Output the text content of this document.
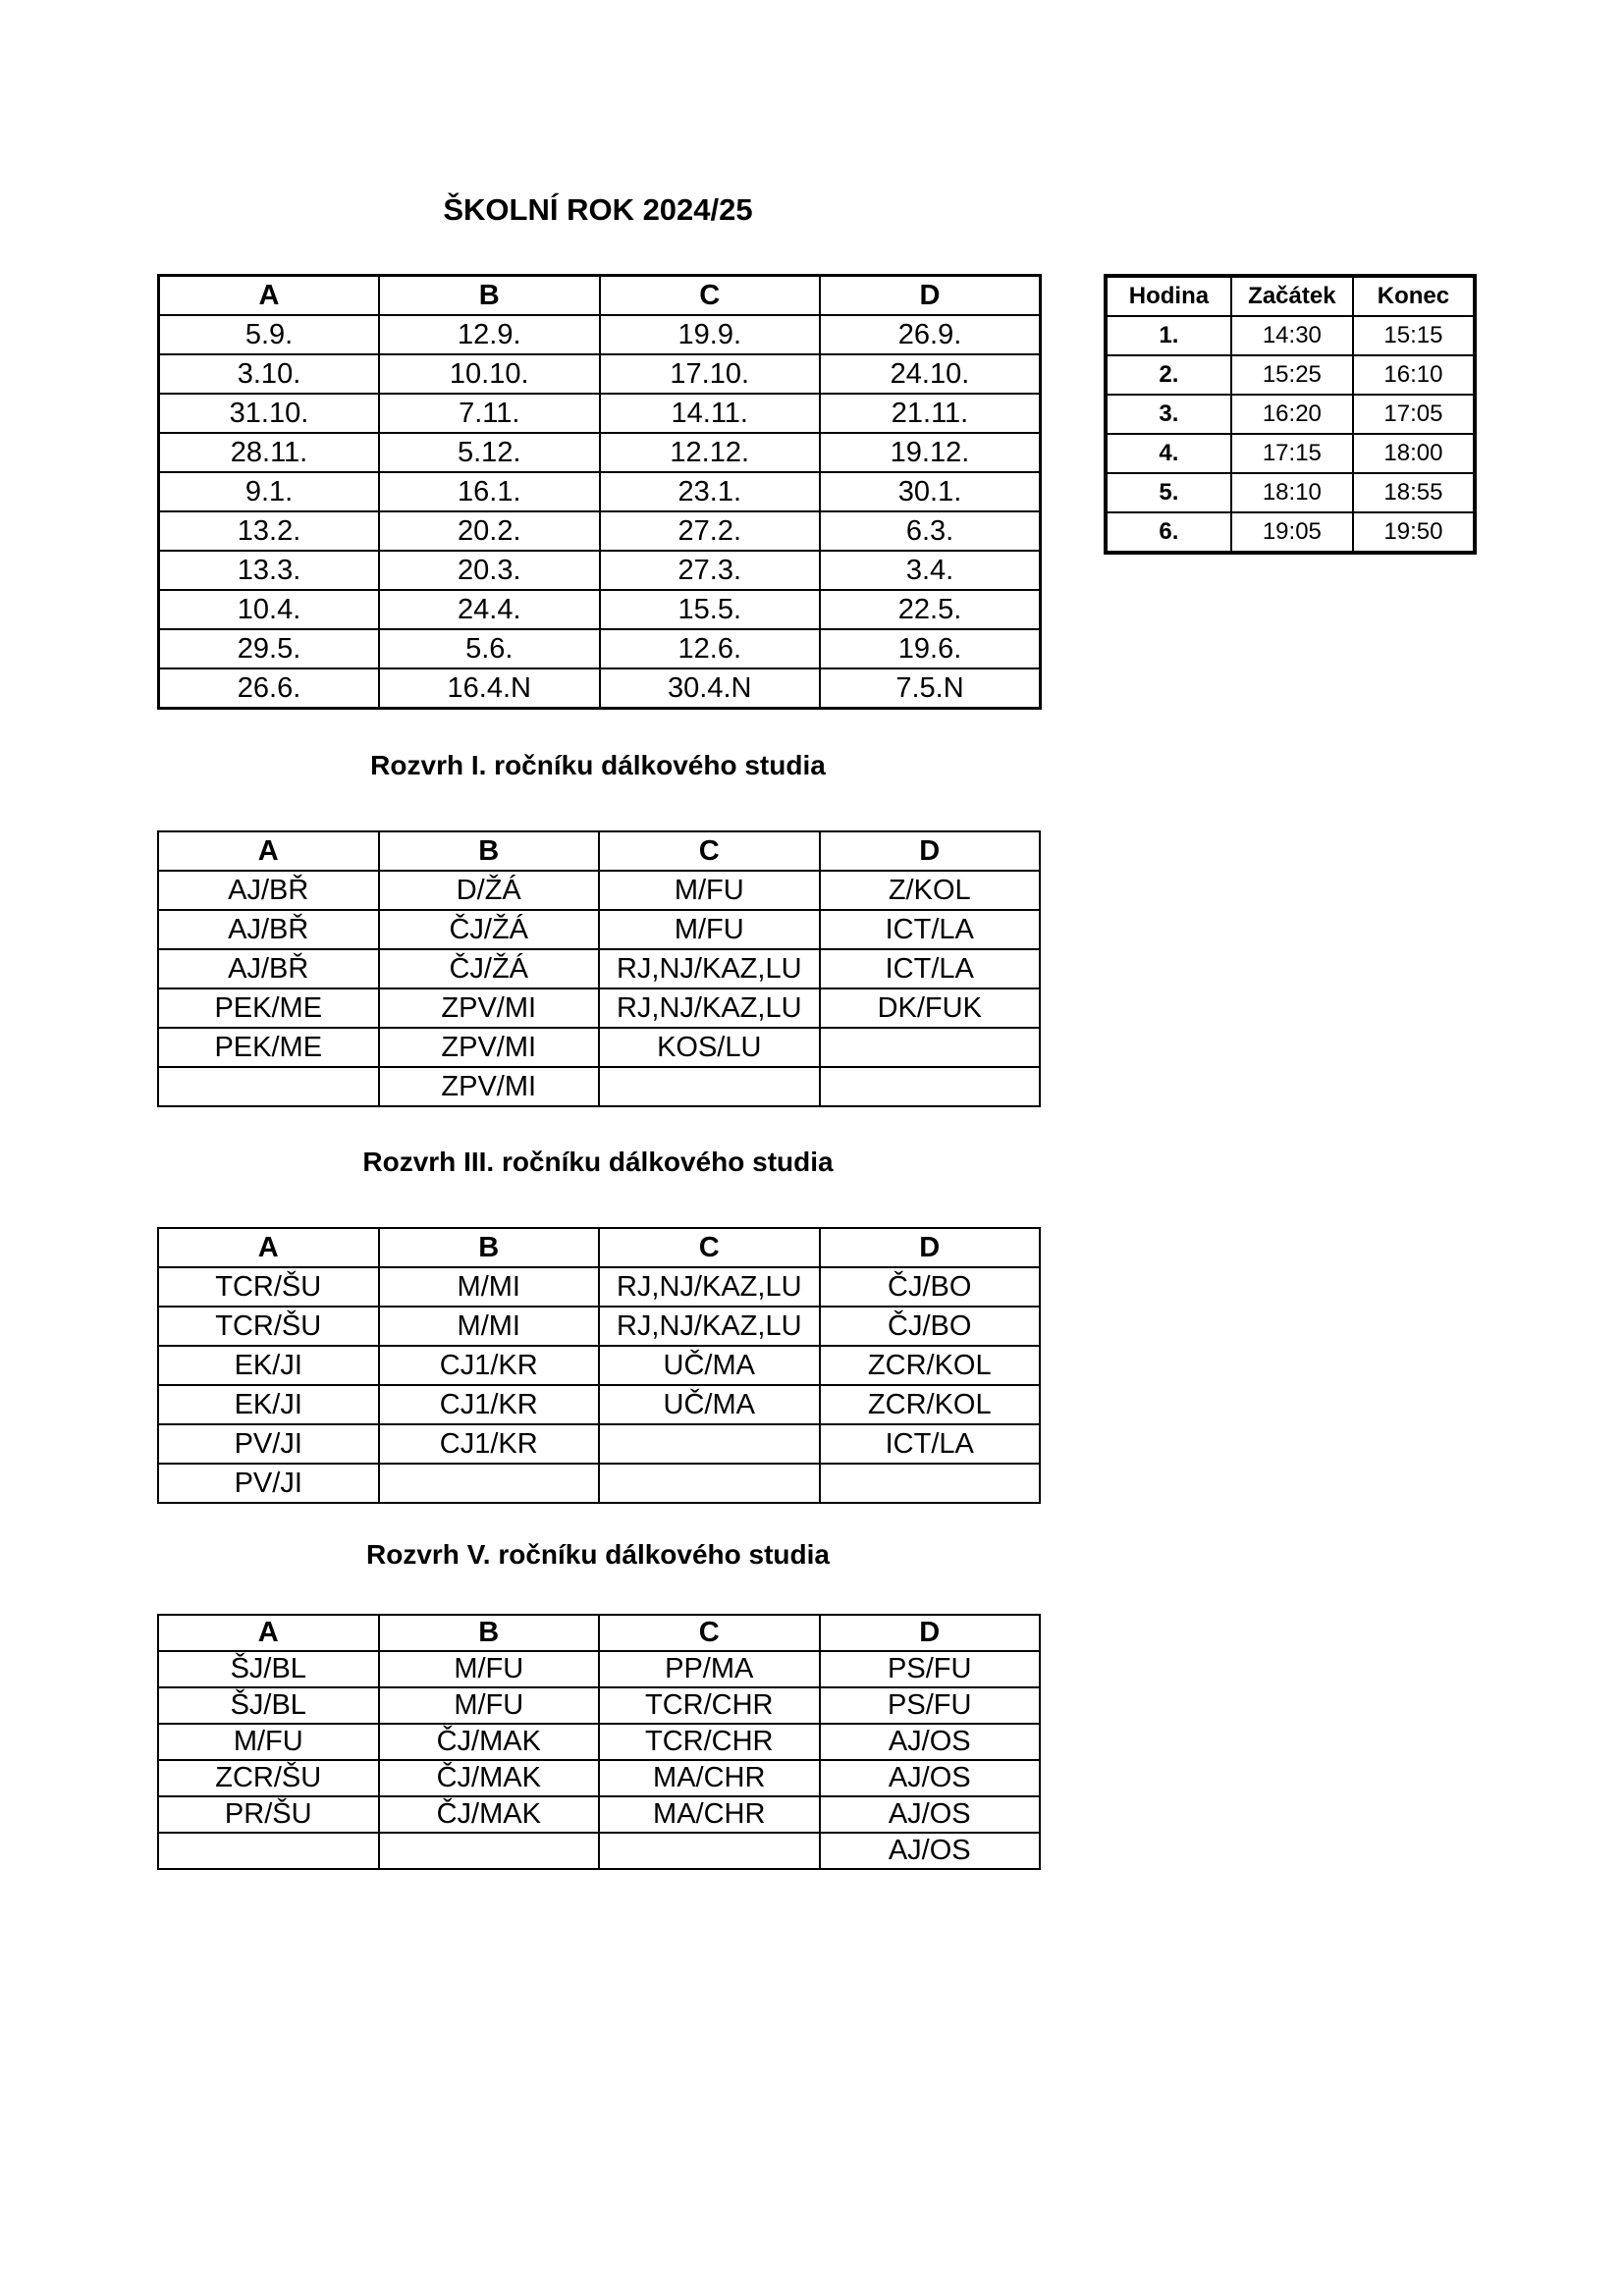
ŠKOLNÍ ROK 2024/25
A	B	C	D
5.9.	12.9.	19.9.	26.9.
3.10.	10.10.	17.10.	24.10.
31.10.	7.11.	14.11.	21.11.
28.11.	5.12.	12.12.	19.12.
9.1.	16.1.	23.1.	30.1.
13.2.	20.2.	27.2.	6.3.
13.3.	20.3.	27.3.	3.4.
10.4.	24.4.	15.5.	22.5.
29.5.	5.6.	12.6.	19.6.
26.6.	16.4.N	30.4.N	7.5.N
Hodina	Začátek	Konec
1.	14:30	15:15
2.	15:25	16:10
3.	16:20	17:05
4.	17:15	18:00
5.	18:10	18:55
6.	19:05	19:50
Rozvrh I. ročníku dálkového studia
A	B	C	D
AJ/BŘ	D/ŽÁ	M/FU	Z/KOL
AJ/BŘ	ČJ/ŽÁ	M/FU	ICT/LA
AJ/BŘ	ČJ/ŽÁ	RJ,NJ/KAZ,LU	ICT/LA
PEK/ME	ZPV/MI	RJ,NJ/KAZ,LU	DK/FUK
PEK/ME	ZPV/MI	KOS/LU	
	ZPV/MI		
Rozvrh III. ročníku dálkového studia
A	B	C	D
TCR/ŠU	M/MI	RJ,NJ/KAZ,LU	ČJ/BO
TCR/ŠU	M/MI	RJ,NJ/KAZ,LU	ČJ/BO
EK/JI	CJ1/KR	UČ/MA	ZCR/KOL
EK/JI	CJ1/KR	UČ/MA	ZCR/KOL
PV/JI	CJ1/KR		ICT/LA
PV/JI			
Rozvrh V. ročníku dálkového studia
A	B	C	D
ŠJ/BL	M/FU	PP/MA	PS/FU
ŠJ/BL	M/FU	TCR/CHR	PS/FU
M/FU	ČJ/MAK	TCR/CHR	AJ/OS
ZCR/ŠU	ČJ/MAK	MA/CHR	AJ/OS
PR/ŠU	ČJ/MAK	MA/CHR	AJ/OS
			AJ/OS
